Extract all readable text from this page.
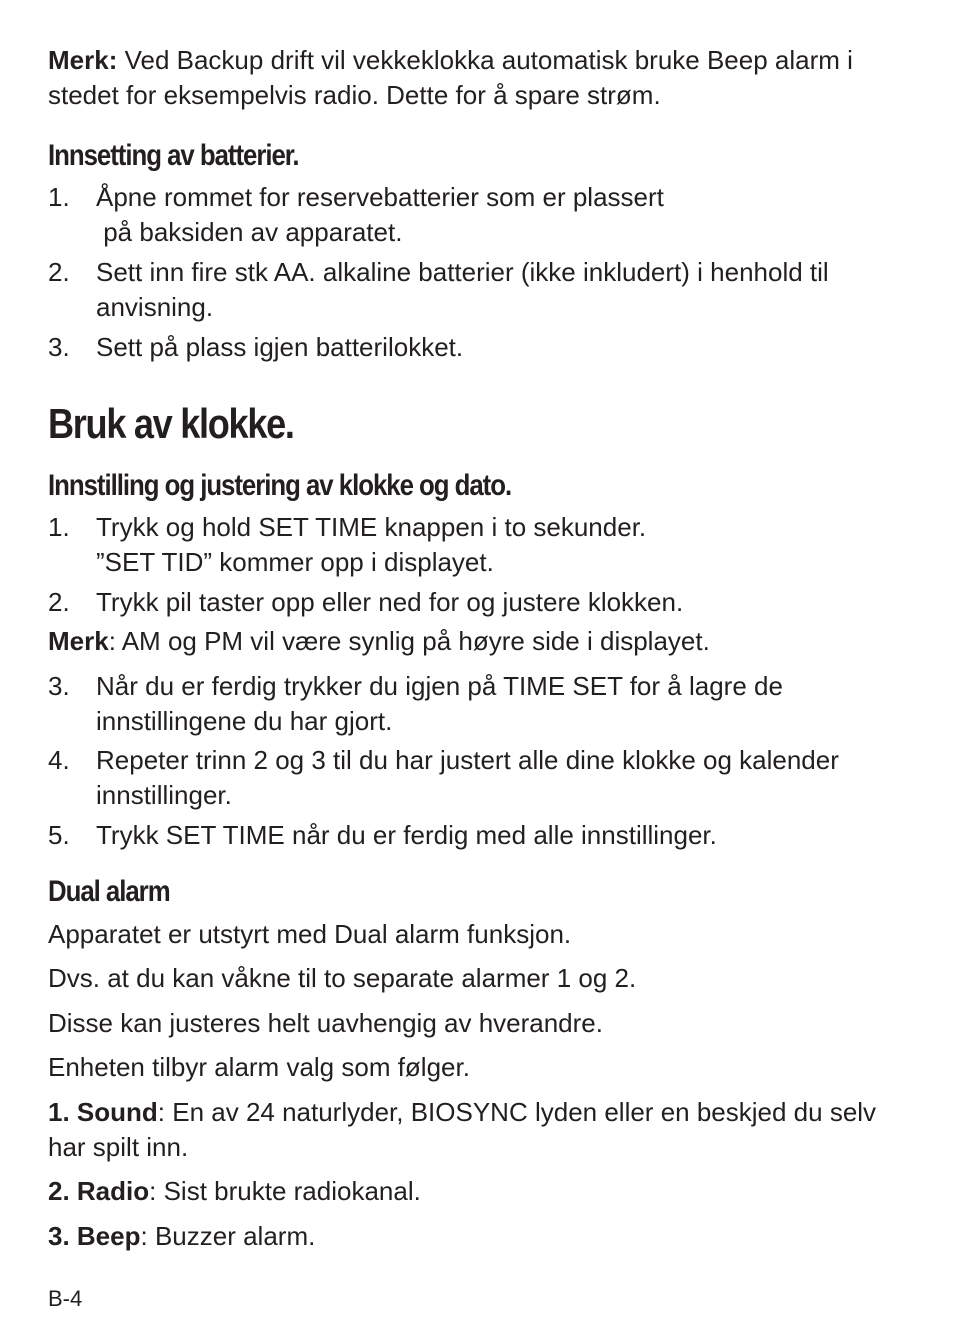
Merk: Ved Backup drift vil vekkeklokka automatisk bruke Beep alarm i
stedet for eksempelvis radio. Dette for å spare strøm.
Innsetting av batterier.
1. Åpne rommet for reservebatterier som er plassert
på baksiden av apparatet.
2. Sett inn fire stk AA. alkaline batterier (ikke inkludert) i henhold til
anvisning.
3. Sett på plass igjen batterilokket.
Bruk av klokke.
Innstilling og justering av klokke og dato.
1. Trykk og hold SET TIME knappen i to sekunder.
”SET TID” kommer opp i displayet.
2. Trykk pil taster opp eller ned for og justere klokken.
Merk: AM og PM vil være synlig på høyre side i displayet.
3. Når du er ferdig trykker du igjen på TIME SET for å lagre de
innstillingene du har gjort.
4. Repeter trinn 2 og 3 til du har justert alle dine klokke og kalender
innstillinger.
5. Trykk SET TIME når du er ferdig med alle innstillinger.
Dual alarm
Apparatet er utstyrt med Dual alarm funksjon.
Dvs. at du kan våkne til to separate alarmer 1 og 2.
Disse kan justeres helt uavhengig av hverandre.
Enheten tilbyr alarm valg som følger.
1. Sound: En av 24 naturlyder, BIOSYNC lyden eller en beskjed du selv
har spilt inn.
2. Radio: Sist brukte radiokanal.
3. Beep: Buzzer alarm.
B-4
